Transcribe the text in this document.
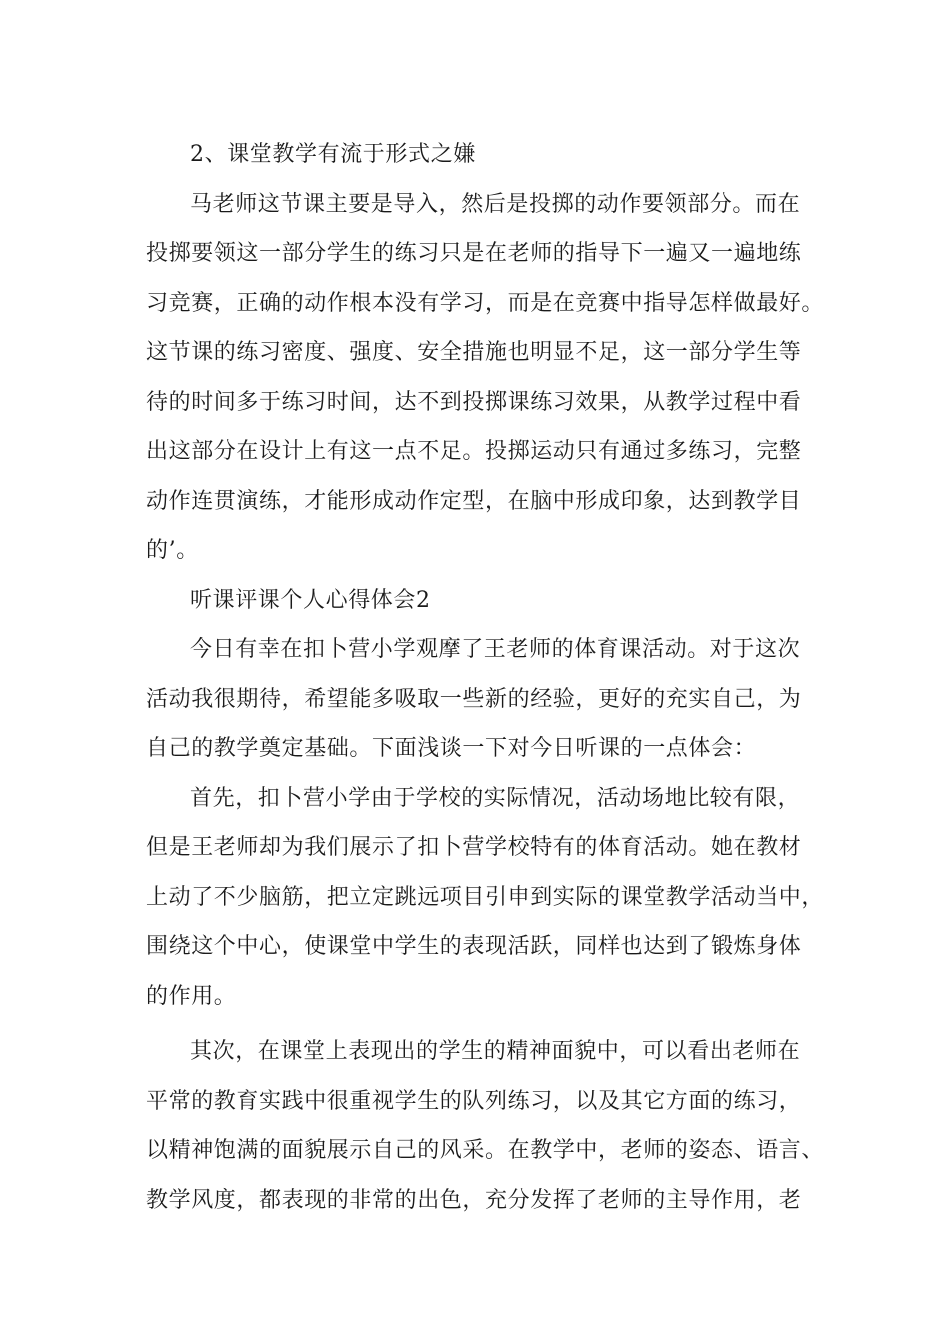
2、课堂教学有流于形式之嫌

马老师这节课主要是导入，然后是投掷的动作要领部分。而在

投掷要领这一部分学生的练习只是在老师的指导下一遍又一遍地练

习竞赛，正确的动作根本没有学习，而是在竞赛中指导怎样做最好。

这节课的练习密度、强度、安全措施也明显不足，这一部分学生等

待的时间多于练习时间，达不到投掷课练习效果，从教学过程中看

出这部分在设计上有这一点不足。投掷运动只有通过多练习，完整

动作连贯演练，才能形成动作定型，在脑中形成印象，达到教学目

的’。

听课评课个人心得体会2

今日有幸在扣卜营小学观摩了王老师的体育课活动。对于这次

活动我很期待，希望能多吸取一些新的经验，更好的充实自己，为

自己的教学奠定基础。下面浅谈一下对今日听课的一点体会：

首先，扣卜营小学由于学校的实际情况，活动场地比较有限，

但是王老师却为我们展示了扣卜营学校特有的体育活动。她在教材

上动了不少脑筋，把立定跳远项目引申到实际的课堂教学活动当中，

围绕这个中心，使课堂中学生的表现活跃，同样也达到了锻炼身体

的作用。

其次，在课堂上表现出的学生的精神面貌中，可以看出老师在

平常的教育实践中很重视学生的队列练习，以及其它方面的练习，

以精神饱满的面貌展示自己的风采。在教学中，老师的姿态、语言、

教学风度，都表现的非常的出色，充分发挥了老师的主导作用，老
